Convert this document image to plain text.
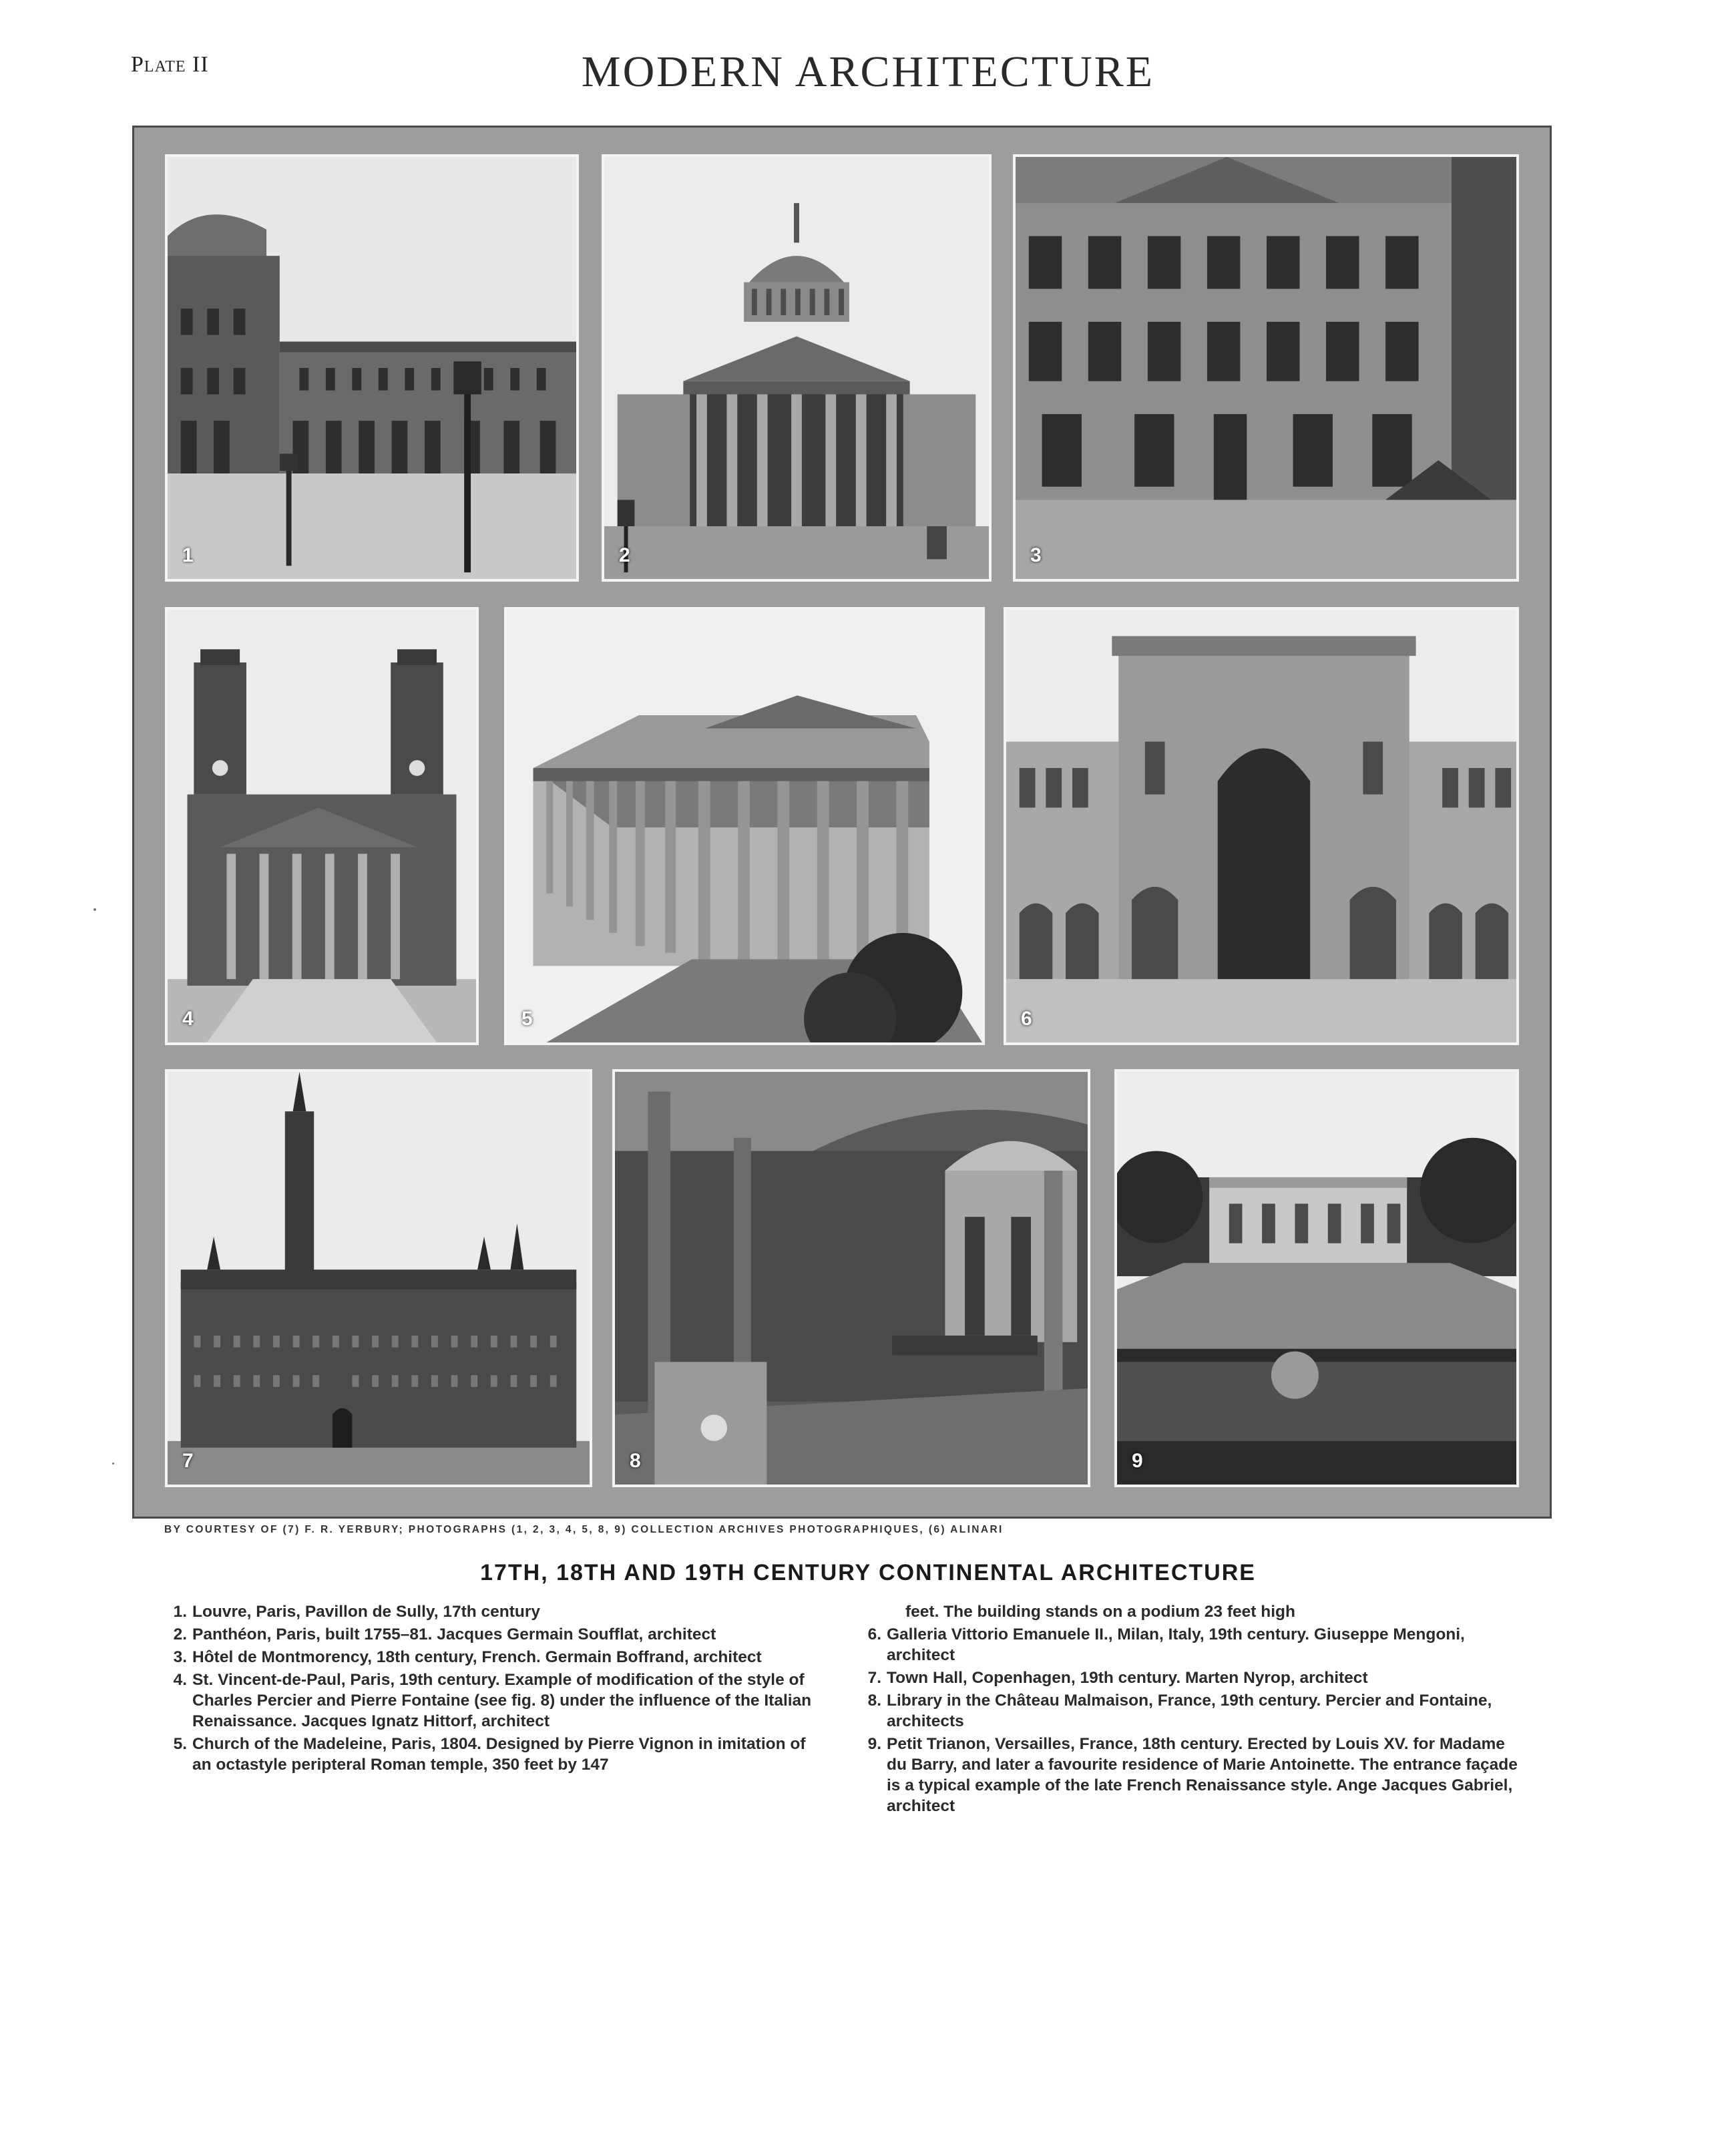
Plate II	MODERN ARCHITECTURE
1	2	3
4	5	6
7	8	9
BY COURTESY OF (7) F. R. YERBURY; PHOTOGRAPHS (1, 2, 3, 4, 5, 8, 9) COLLECTION ARCHIVES PHOTOGRAPHIQUES, (6) ALINARI
17TH, 18TH AND 19TH CENTURY CONTINENTAL ARCHITECTURE
1. Louvre, Paris, Pavillon de Sully, 17th century
2. Panthéon, Paris, built 1755–81. Jacques Germain Soufflat, architect
3. Hôtel de Montmorency, 18th century, French. Germain Boffrand, architect
4. St. Vincent-de-Paul, Paris, 19th century. Example of modification of the style of Charles Percier and Pierre Fontaine (see fig. 8) under the influence of the Italian Renaissance. Jacques Ignatz Hittorf, architect
5. Church of the Madeleine, Paris, 1804. Designed by Pierre Vignon in imitation of an octastyle peripteral Roman temple, 350 feet by 147
feet. The building stands on a podium 23 feet high
6. Galleria Vittorio Emanuele II., Milan, Italy, 19th century. Giuseppe Mengoni, architect
7. Town Hall, Copenhagen, 19th century. Marten Nyrop, architect
8. Library in the Château Malmaison, France, 19th century. Percier and Fontaine, architects
9. Petit Trianon, Versailles, France, 18th century. Erected by Louis XV. for Madame du Barry, and later a favourite residence of Marie Antoinette. The entrance façade is a typical example of the late French Renaissance style. Ange Jacques Gabriel, architect
